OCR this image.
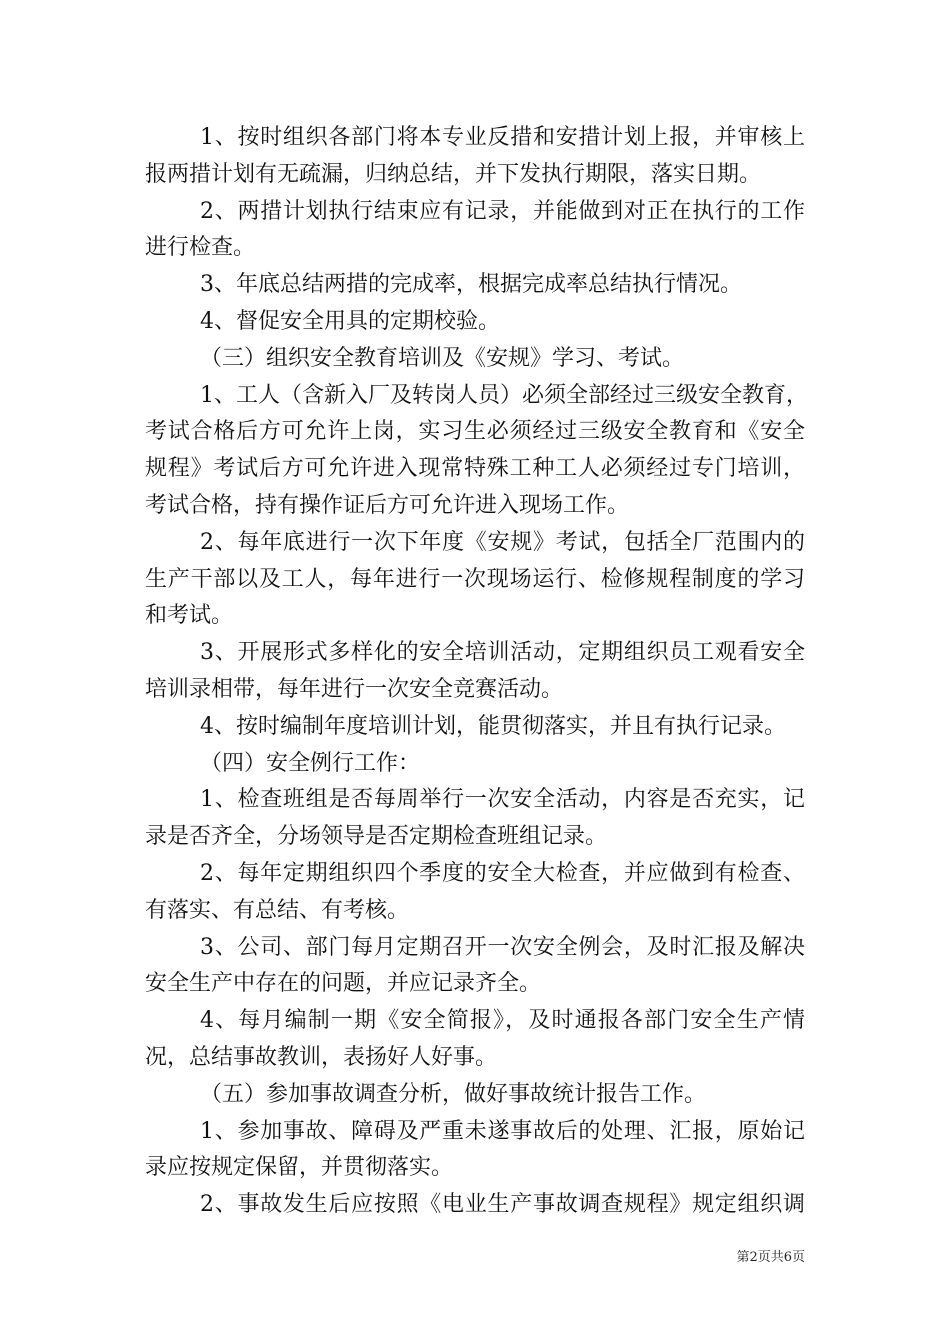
1、按时组织各部门将本专业反措和安措计划上报，并审核上
报两措计划有无疏漏，归纳总结，并下发执行期限，落实日期。
2、两措计划执行结束应有记录，并能做到对正在执行的工作
进行检查。
3、年底总结两措的完成率，根据完成率总结执行情况。
4、督促安全用具的定期校验。
（三）组织安全教育培训及《安规》学习、考试。
1、工人（含新入厂及转岗人员）必须全部经过三级安全教育，
考试合格后方可允许上岗，实习生必须经过三级安全教育和《安全
规程》考试后方可允许进入现常特殊工种工人必须经过专门培训，
考试合格，持有操作证后方可允许进入现场工作。
2、每年底进行一次下年度《安规》考试，包括全厂范围内的
生产干部以及工人，每年进行一次现场运行、检修规程制度的学习
和考试。
3、开展形式多样化的安全培训活动，定期组织员工观看安全
培训录相带，每年进行一次安全竞赛活动。
4、按时编制年度培训计划，能贯彻落实，并且有执行记录。
（四）安全例行工作：
1、检查班组是否每周举行一次安全活动，内容是否充实，记
录是否齐全，分场领导是否定期检查班组记录。
2、每年定期组织四个季度的安全大检查，并应做到有检查、
有落实、有总结、有考核。
3、公司、部门每月定期召开一次安全例会，及时汇报及解决
安全生产中存在的问题，并应记录齐全。
4、每月编制一期《安全简报》，及时通报各部门安全生产情
况，总结事故教训，表扬好人好事。
（五）参加事故调查分析，做好事故统计报告工作。
1、参加事故、障碍及严重未遂事故后的处理、汇报，原始记
录应按规定保留，并贯彻落实。
2、事故发生后应按照《电业生产事故调查规程》规定组织调
第2页共6页
